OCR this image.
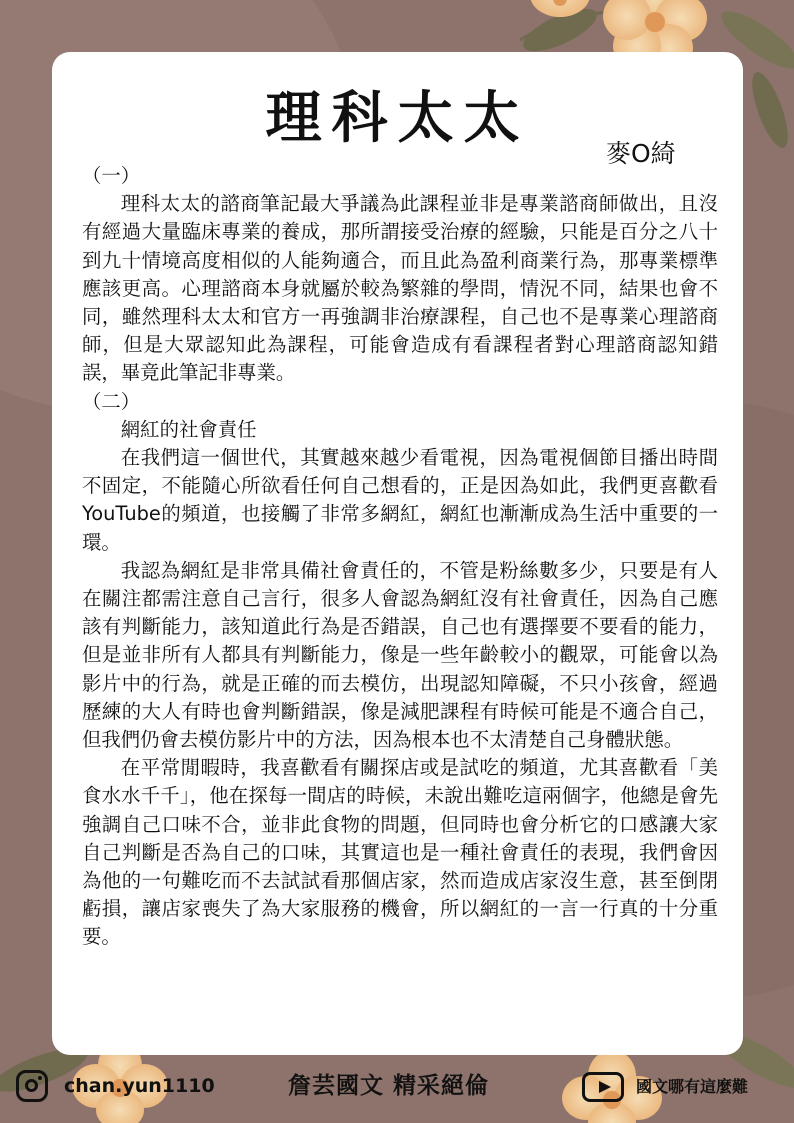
理科太太
麥O綺

（一）

理科太太的諮商筆記最大爭議為此課程並非是專業諮商師做出，且沒有經過大量臨床專業的養成，那所謂接受治療的經驗，只能是百分之八十到九十情境高度相似的人能夠適合，而且此為盈利商業行為，那專業標準應該更高。心理諮商本身就屬於較為繁雜的學問，情況不同，結果也會不同，雖然理科太太和官方一再強調非治療課程，自己也不是專業心理諮商師，但是大眾認知此為課程，可能會造成有看課程者對心理諮商認知錯誤，畢竟此筆記非專業。

（二）

網紅的社會責任

在我們這一個世代，其實越來越少看電視，因為電視個節目播出時間不固定，不能隨心所欲看任何自己想看的，正是因為如此，我們更喜歡看YouTube的頻道，也接觸了非常多網紅，網紅也漸漸成為生活中重要的一環。

我認為網紅是非常具備社會責任的，不管是粉絲數多少，只要是有人在關注都需注意自己言行，很多人會認為網紅沒有社會責任，因為自己應該有判斷能力，該知道此行為是否錯誤，自己也有選擇要不要看的能力，但是並非所有人都具有判斷能力，像是一些年齡較小的觀眾，可能會以為影片中的行為，就是正確的而去模仿，出現認知障礙，不只小孩會，經過歷練的大人有時也會判斷錯誤，像是減肥課程有時候可能是不適合自己，但我們仍會去模仿影片中的方法，因為根本也不太清楚自己身體狀態。

在平常閒暇時，我喜歡看有關探店或是試吃的頻道，尤其喜歡看「美食水水千千」，他在探每一間店的時候，未說出難吃這兩個字，他總是會先強調自己口味不合，並非此食物的問題，但同時也會分析它的口感讓大家自己判斷是否為自己的口味，其實這也是一種社會責任的表現，我們會因為他的一句難吃而不去試試看那個店家，然而造成店家沒生意，甚至倒閉虧損，讓店家喪失了為大家服務的機會，所以網紅的一言一行真的十分重要。

chan.yun1110	詹芸國文 精采絕倫	國文哪有這麼難
